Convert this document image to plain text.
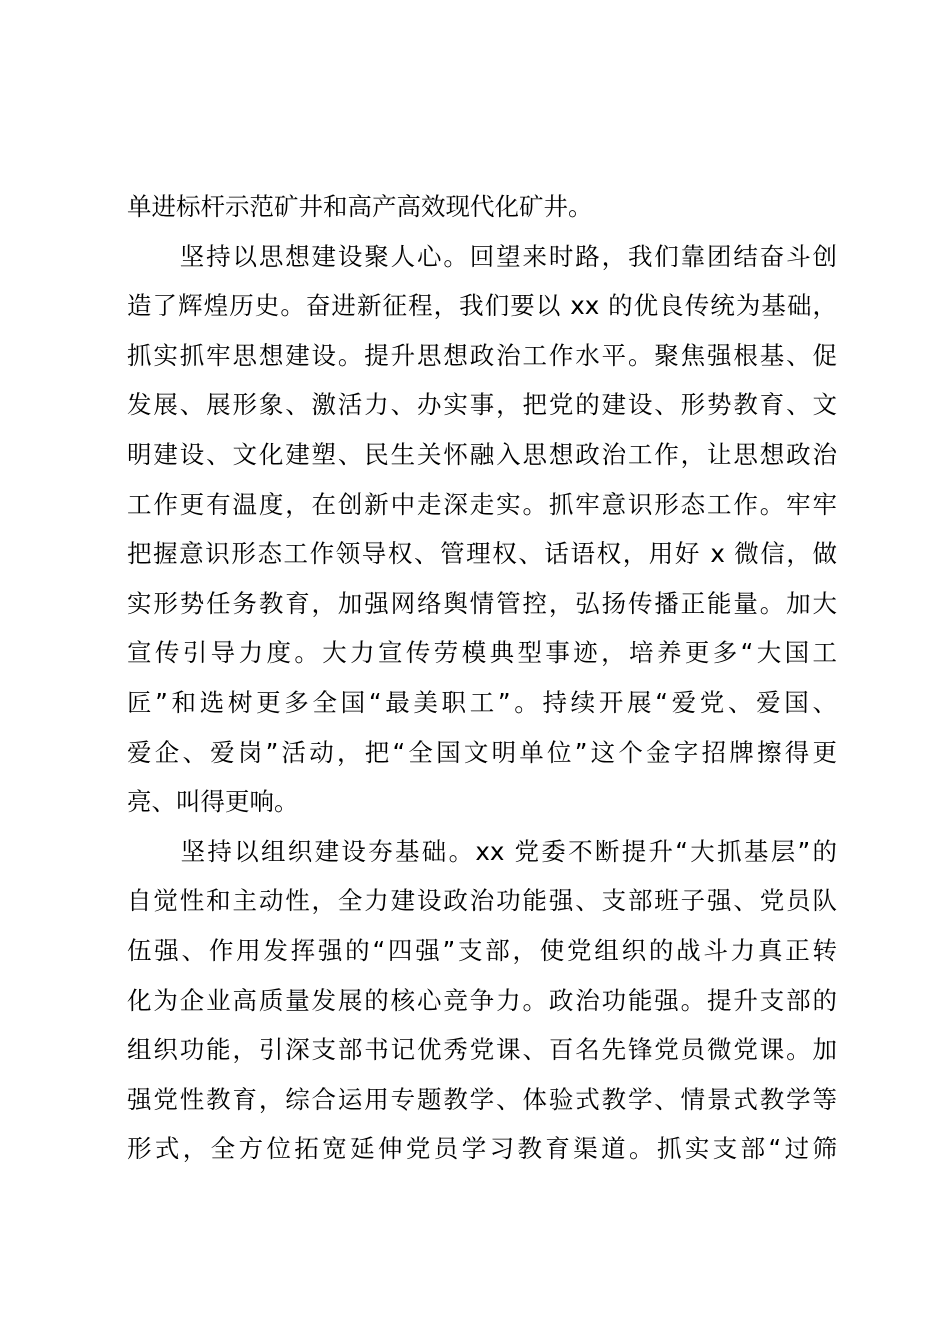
单进标杆示范矿井和高产高效现代化矿井。
　　坚持以思想建设聚人心。回望来时路，我们靠团结奋斗创
造了辉煌历史。奋进新征程，我们要以 xx 的优良传统为基础，
抓实抓牢思想建设。提升思想政治工作水平。聚焦强根基、促
发展、展形象、激活力、办实事，把党的建设、形势教育、文
明建设、文化建塑、民生关怀融入思想政治工作，让思想政治
工作更有温度，在创新中走深走实。抓牢意识形态工作。牢牢
把握意识形态工作领导权、管理权、话语权，用好 x 微信，做
实形势任务教育，加强网络舆情管控，弘扬传播正能量。加大
宣传引导力度。大力宣传劳模典型事迹，培养更多“大国工
匠”和选树更多全国“最美职工”。持续开展“爱党、爱国、
爱企、爱岗”活动，把“全国文明单位”这个金字招牌擦得更
亮、叫得更响。
　　坚持以组织建设夯基础。xx 党委不断提升“大抓基层”的
自觉性和主动性，全力建设政治功能强、支部班子强、党员队
伍强、作用发挥强的“四强”支部，使党组织的战斗力真正转
化为企业高质量发展的核心竞争力。政治功能强。提升支部的
组织功能，引深支部书记优秀党课、百名先锋党员微党课。加
强党性教育，综合运用专题教学、体验式教学、情景式教学等
形式，全方位拓宽延伸党员学习教育渠道。抓实支部“过筛
